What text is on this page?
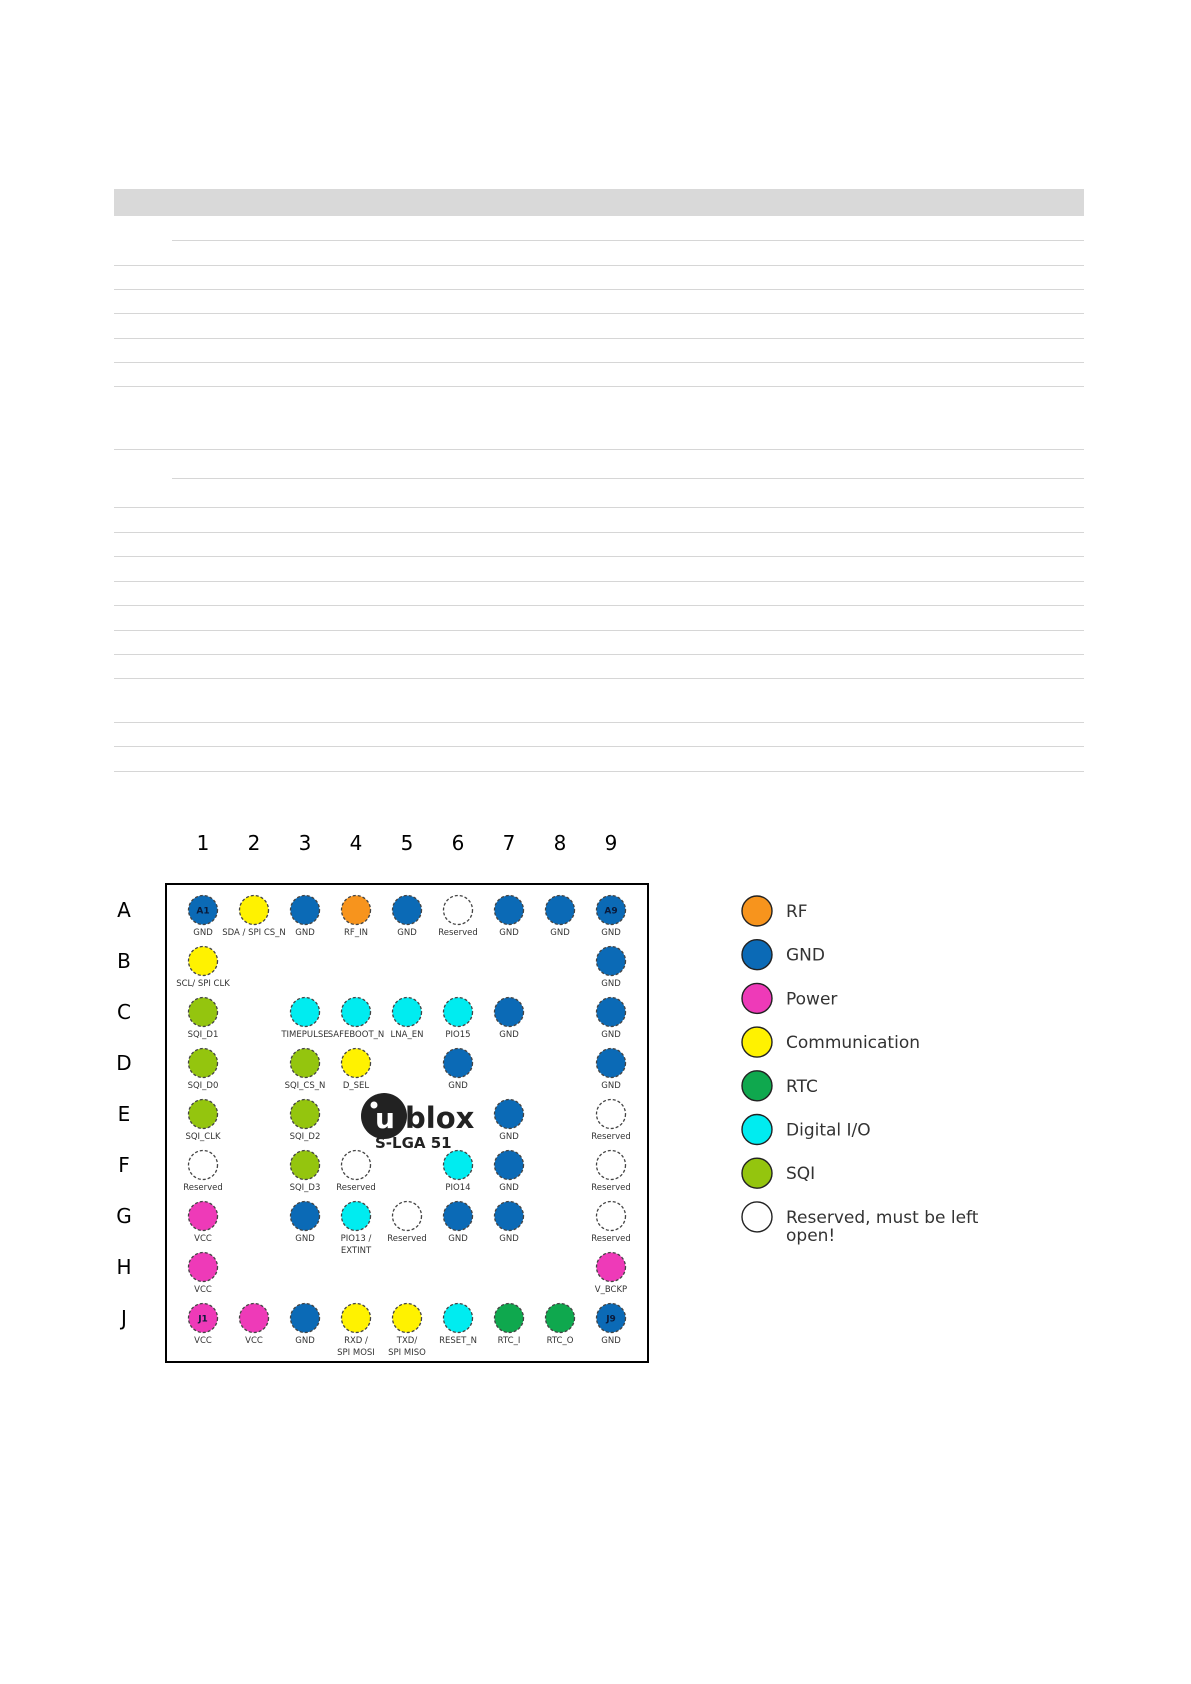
1 2 3 4 5 6 7 8 9
A
B
C
D
E
F
G
H
J
u blox
S-LGA 51
A1
GND SDA / SPI CS_N GND	RF_IN	GND	Reserved	GND	GND
A9
GND
SCL/ SPI CLK	GND
SQI_D1	TIMEPULSE SAFEBOOT_N LNA_EN	PIO15	GND	GND
SQI_D0	SQI_CS_N D_SEL	GND	GND
SQI_CLK	SQI_D2	GND	Reserved
Reserved	SQI_D3 Reserved	PIO14	GND	Reserved
VCC	GND	PIO13 /
EXTINT
Reserved	GND	GND	Reserved
VCC	V_BCKP
J1
VCC	VCC	GND	RXD /
SPI MOSI
TXD/
SPI MISO
RESET_N RTC_I	RTC_O
J9
GND
RF
GND
Power
Communication
RTC
Digital I/O
SQI
Reserved, must be left
open!
